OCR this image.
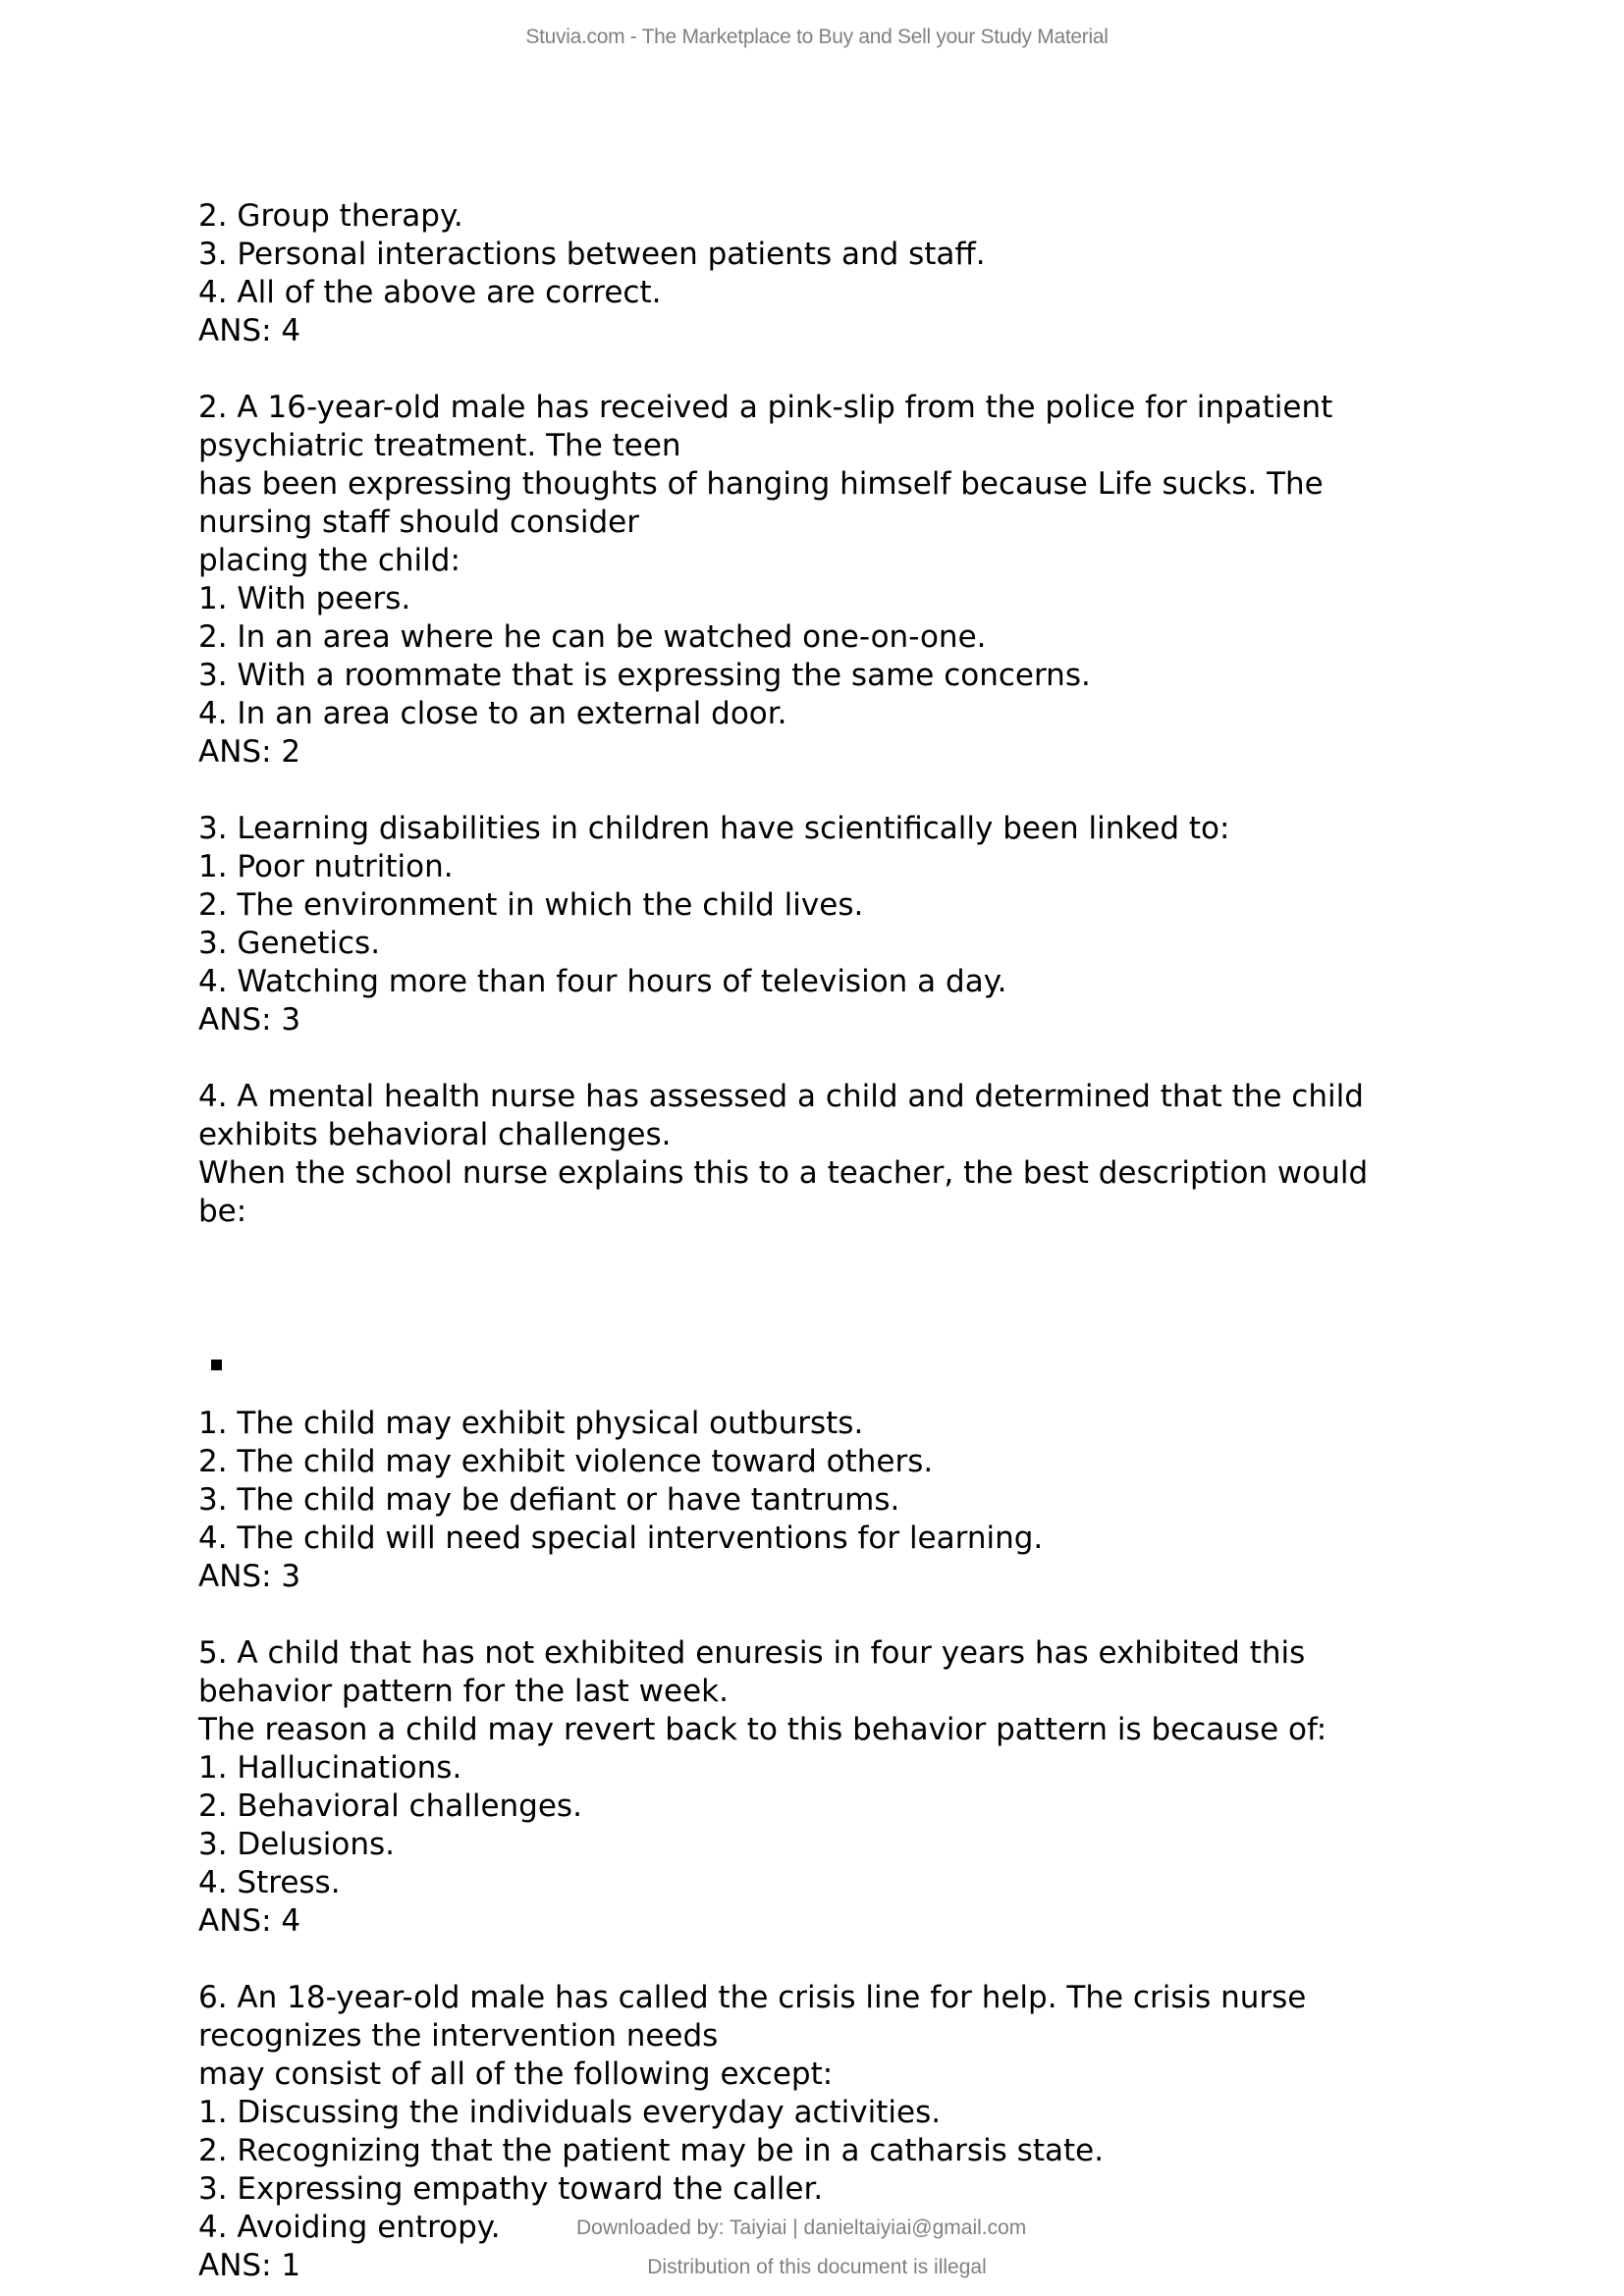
Stuvia.com - The Marketplace to Buy and Sell your Study Material
2. Group therapy.
3. Personal interactions between patients and staff.
4. All of the above are correct.
ANS: 4
2. A 16-year-old male has received a pink-slip from the police for inpatient
psychiatric treatment. The teen
has been expressing thoughts of hanging himself because Life sucks. The
nursing staff should consider
placing the child:
1. With peers.
2. In an area where he can be watched one-on-one.
3. With a roommate that is expressing the same concerns.
4. In an area close to an external door.
ANS: 2
3. Learning disabilities in children have scientifically been linked to:
1. Poor nutrition.
2. The environment in which the child lives.
3. Genetics.
4. Watching more than four hours of television a day.
ANS: 3
4. A mental health nurse has assessed a child and determined that the child
exhibits behavioral challenges.
When the school nurse explains this to a teacher, the best description would
be:
1. The child may exhibit physical outbursts.
2. The child may exhibit violence toward others.
3. The child may be defiant or have tantrums.
4. The child will need special interventions for learning.
ANS: 3
5. A child that has not exhibited enuresis in four years has exhibited this
behavior pattern for the last week.
The reason a child may revert back to this behavior pattern is because of:
1. Hallucinations.
2. Behavioral challenges.
3. Delusions.
4. Stress.
ANS: 4
6. An 18-year-old male has called the crisis line for help. The crisis nurse
recognizes the intervention needs
may consist of all of the following except:
1. Discussing the individuals everyday activities.
2. Recognizing that the patient may be in a catharsis state.
3. Expressing empathy toward the caller.
4. Avoiding entropy.
ANS: 1
Downloaded by: Taiyiai | danieltaiyiai@gmail.com
Distribution of this document is illegal
